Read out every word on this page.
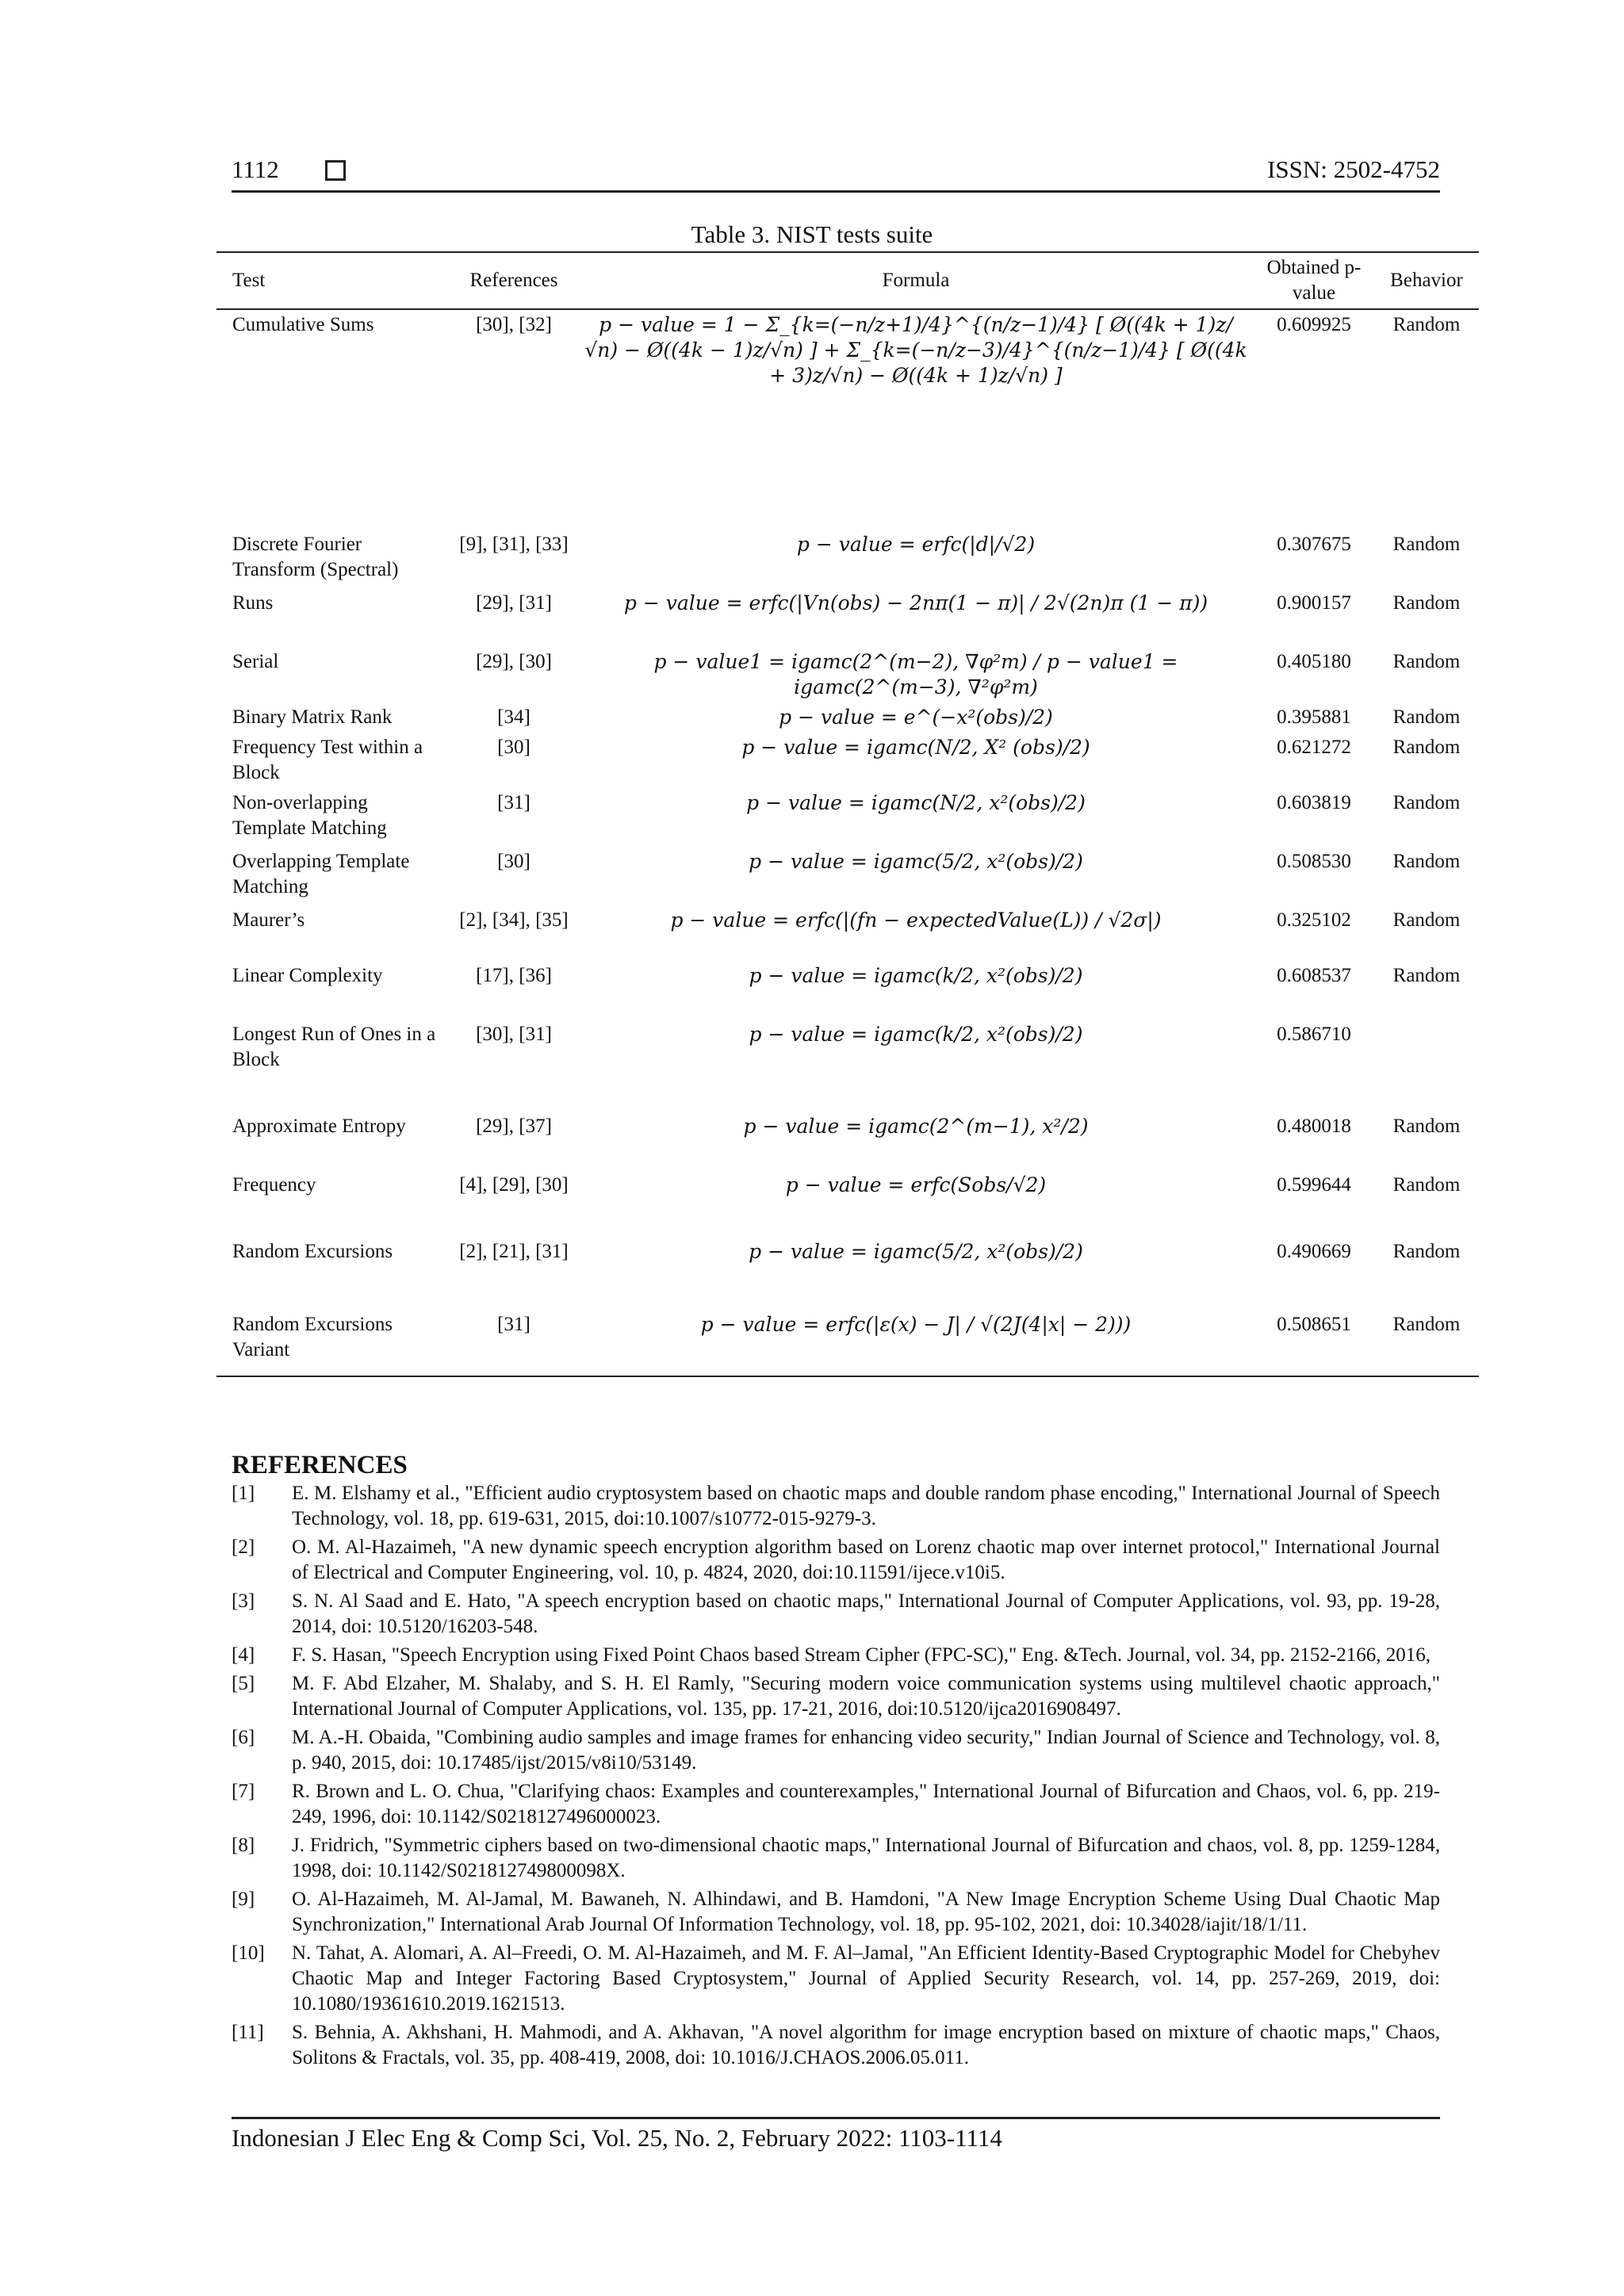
1112	ISSN: 2502-4752
Table 3. NIST tests suite
Test	References	Formula	Obtained p-value	Behavior
Cumulative Sums	[30], [32]	p − value = 1 − Σ_{k=(−n/z+1)/4}^{(n/z−1)/4} [ Ø((4k + 1)z/√n) − Ø((4k − 1)z/√n) ] + Σ_{k=(−n/z−3)/4}^{(n/z−1)/4} [ Ø((4k + 3)z/√n) − Ø((4k + 1)z/√n) ]	0.609925	Random
Discrete Fourier Transform (Spectral)	[9], [31], [33]	p − value = erfc(|d|/√2)	0.307675	Random
Runs	[29], [31]	p − value = erfc(|Vn(obs) − 2nπ(1 − π)| / 2√(2n)π (1 − π))	0.900157	Random
Serial	[29], [30]	p − value1 = igamc(2^(m−2), ∇φ²m) / p − value1 = igamc(2^(m−3), ∇²φ²m)	0.405180	Random
Binary Matrix Rank	[34]	p − value = e^(−x²(obs)/2)	0.395881	Random
Frequency Test within a Block	[30]	p − value = igamc(N/2, X² (obs)/2)	0.621272	Random
Non-overlapping Template Matching	[31]	p − value = igamc(N/2, x²(obs)/2)	0.603819	Random
Overlapping Template Matching	[30]	p − value = igamc(5/2, x²(obs)/2)	0.508530	Random
Maurer’s	[2], [34], [35]	p − value = erfc(|(fn − expectedValue(L)) / √2σ|)	0.325102	Random
Linear Complexity	[17], [36]	p − value = igamc(k/2, x²(obs)/2)	0.608537	Random
Longest Run of Ones in a Block	[30], [31]	p − value = igamc(k/2, x²(obs)/2)	0.586710	
Approximate Entropy	[29], [37]	p − value = igamc(2^(m−1), x²/2)	0.480018	Random
Frequency	[4], [29], [30]	p − value = erfc(Sobs/√2)	0.599644	Random
Random Excursions	[2], [21], [31]	p − value = igamc(5/2, x²(obs)/2)	0.490669	Random
Random Excursions Variant	[31]	p − value = erfc(|ε(x) − J| / √(2J(4|x| − 2)))	0.508651	Random
REFERENCES
[1]	E. M. Elshamy et al., "Efficient audio cryptosystem based on chaotic maps and double random phase encoding," International Journal of Speech Technology, vol. 18, pp. 619-631, 2015, doi:10.1007/s10772-015-9279-3.
[2]	O. M. Al-Hazaimeh, "A new dynamic speech encryption algorithm based on Lorenz chaotic map over internet protocol," International Journal of Electrical and Computer Engineering, vol. 10, p. 4824, 2020, doi:10.11591/ijece.v10i5.
[3]	S. N. Al Saad and E. Hato, "A speech encryption based on chaotic maps," International Journal of Computer Applications, vol. 93, pp. 19-28, 2014, doi: 10.5120/16203-548.
[4]	F. S. Hasan, "Speech Encryption using Fixed Point Chaos based Stream Cipher (FPC-SC)," Eng. &Tech. Journal, vol. 34, pp. 2152-2166, 2016,
[5]	M. F. Abd Elzaher, M. Shalaby, and S. H. El Ramly, "Securing modern voice communication systems using multilevel chaotic approach," International Journal of Computer Applications, vol. 135, pp. 17-21, 2016, doi:10.5120/ijca2016908497.
[6]	M. A.-H. Obaida, "Combining audio samples and image frames for enhancing video security," Indian Journal of Science and Technology, vol. 8, p. 940, 2015, doi: 10.17485/ijst/2015/v8i10/53149.
[7]	R. Brown and L. O. Chua, "Clarifying chaos: Examples and counterexamples," International Journal of Bifurcation and Chaos, vol. 6, pp. 219-249, 1996, doi: 10.1142/S0218127496000023.
[8]	J. Fridrich, "Symmetric ciphers based on two-dimensional chaotic maps," International Journal of Bifurcation and chaos, vol. 8, pp. 1259-1284, 1998, doi: 10.1142/S021812749800098X.
[9]	O. Al-Hazaimeh, M. Al-Jamal, M. Bawaneh, N. Alhindawi, and B. Hamdoni, "A New Image Encryption Scheme Using Dual Chaotic Map Synchronization," International Arab Journal Of Information Technology, vol. 18, pp. 95-102, 2021, doi: 10.34028/iajit/18/1/11.
[10]	N. Tahat, A. Alomari, A. Al–Freedi, O. M. Al-Hazaimeh, and M. F. Al–Jamal, "An Efficient Identity-Based Cryptographic Model for Chebyhev Chaotic Map and Integer Factoring Based Cryptosystem," Journal of Applied Security Research, vol. 14, pp. 257-269, 2019, doi: 10.1080/19361610.2019.1621513.
[11]	S. Behnia, A. Akhshani, H. Mahmodi, and A. Akhavan, "A novel algorithm for image encryption based on mixture of chaotic maps," Chaos, Solitons & Fractals, vol. 35, pp. 408-419, 2008, doi: 10.1016/J.CHAOS.2006.05.011.
Indonesian J Elec Eng & Comp Sci, Vol. 25, No. 2, February 2022: 1103-1114
